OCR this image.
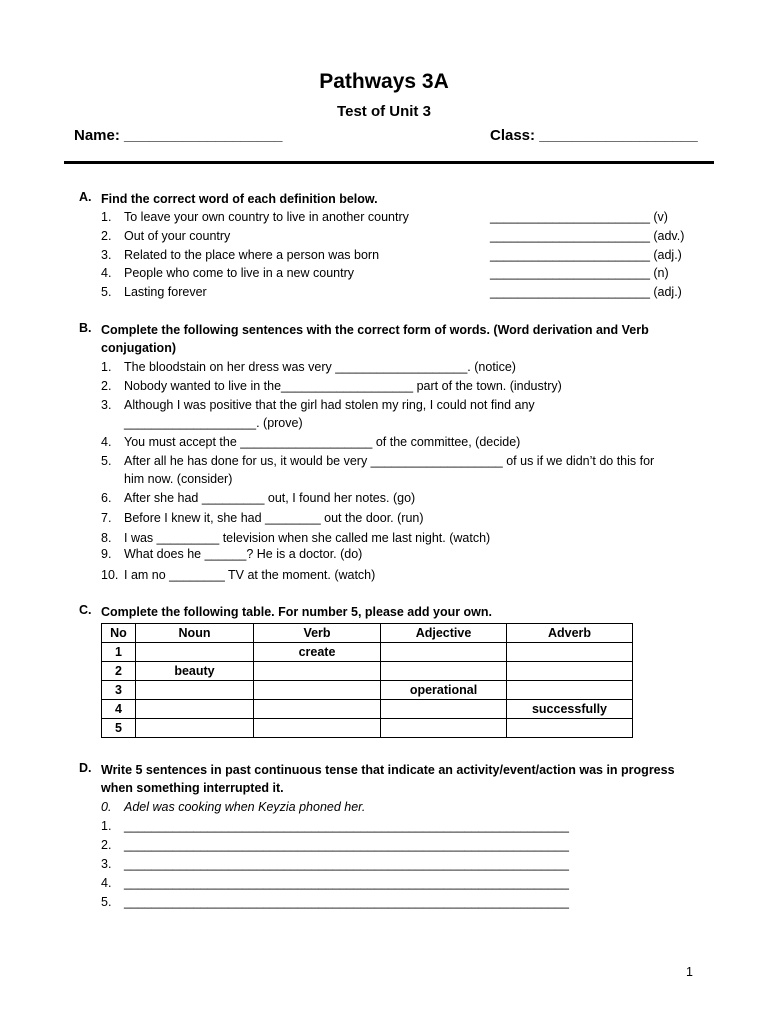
Pathways 3A
Test of Unit 3
Name: ___________________	Class: ___________________
A. Find the correct word of each definition below.
1. To leave your own country to live in another country	_______________________ (v)
2. Out of your country	_______________________ (adv.)
3. Related to the place where a person was born	_______________________ (adj.)
4. People who come to live in a new country	_______________________ (n)
5. Lasting forever	_______________________ (adj.)
B. Complete the following sentences with the correct form of words. (Word derivation and Verb conjugation)
1. The bloodstain on her dress was very ___________________. (notice)
2. Nobody wanted to live in the___________________ part of the town. (industry)
3. Although I was positive that the girl had stolen my ring, I could not find any
___________________. (prove)
4. You must accept the ___________________ of the committee, (decide)
5. After all he has done for us, it would be very ___________________ of us if we didn’t do this for
him now. (consider)
6. After she had _________ out, I found her notes. (go)
7. Before I knew it, she had ________ out the door. (run)
8. I was _________ television when she called me last night. (watch)
9. What does he ______? He is a doctor. (do)
10. I am no ________ TV at the moment. (watch)
C. Complete the following table. For number 5, please add your own.
No	Noun	Verb	Adjective	Adverb
1		create		
2	beauty			
3			operational	
4				successfully
5				
D. Write 5 sentences in past continuous tense that indicate an activity/event/action was in progress when something interrupted it.
0. Adel was cooking when Keyzia phoned her.
1. ________________________________________________________________
2. ________________________________________________________________
3. ________________________________________________________________
4. ________________________________________________________________
5. ________________________________________________________________
1
